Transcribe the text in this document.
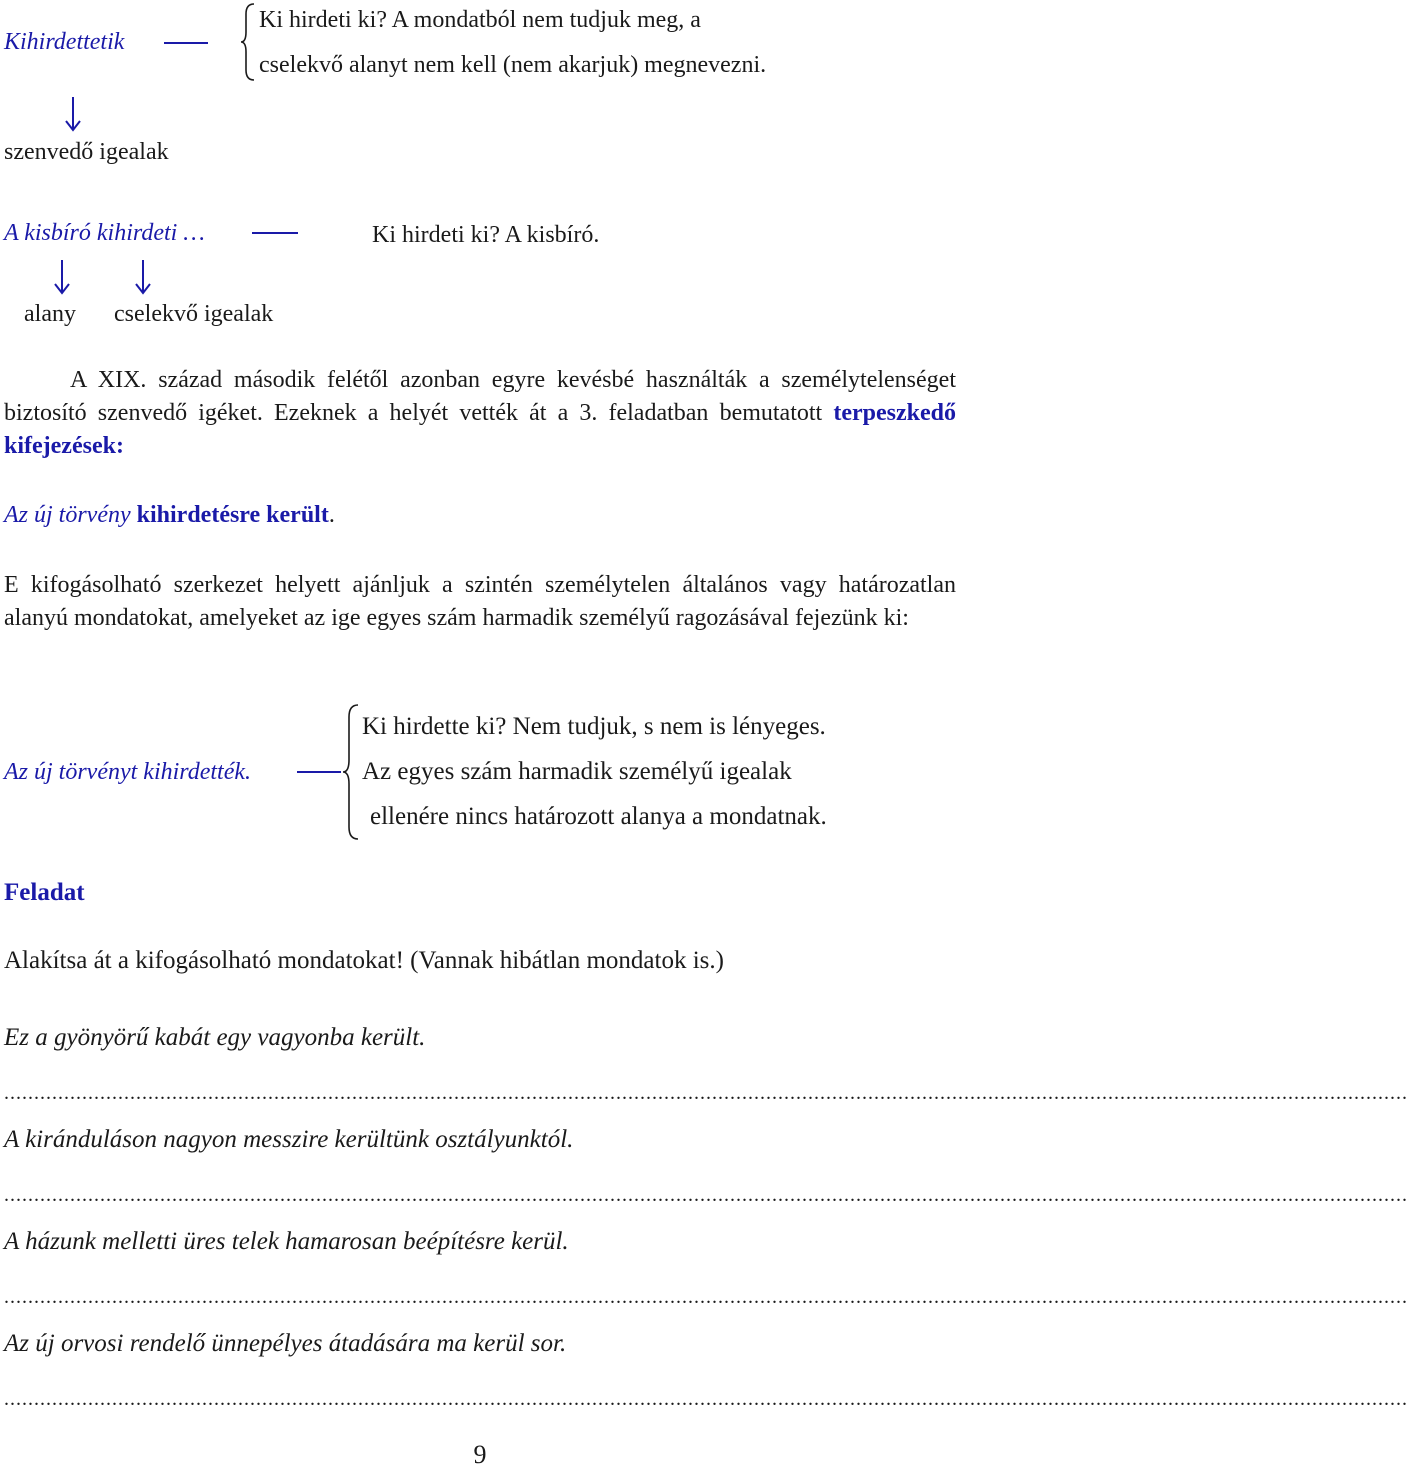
Kihirdettetik
Ki hirdeti ki? A mondatból nem tudjuk meg, a
cselekvő alanyt nem kell (nem akarjuk) megnevezni.
szenvedő igealak
A kisbíró kihirdeti …	Ki hirdeti ki? A kisbíró.
alany cselekvő igealak
A XIX. század második felétől azonban egyre kevésbé használták a személytelenséget biztosító szenvedő igéket. Ezeknek a helyét vették át a 3. feladatban bemutatott terpeszkedő kifejezések:
Az új törvény kihirdetésre került.
E kifogásolható szerkezet helyett ajánljuk a szintén személytelen általános vagy határozatlan alanyú mondatokat, amelyeket az ige egyes szám harmadik személyű ragozásával fejezünk ki:
Az új törvényt kihirdették.
Ki hirdette ki? Nem tudjuk, s nem is lényeges.
Az egyes szám harmadik személyű igealak
ellenére nincs határozott alanya a mondatnak.
Feladat
Alakítsa át a kifogásolható mondatokat! (Vannak hibátlan mondatok is.)
Ez a gyönyörű kabát egy vagyonba került.
..........................................................................................................................................................................................................................................
A kiránduláson nagyon messzire kerültünk osztályunktól.
..........................................................................................................................................................................................................................................
A házunk melletti üres telek hamarosan beépítésre kerül.
..........................................................................................................................................................................................................................................
Az új orvosi rendelő ünnepélyes átadására ma kerül sor.
..........................................................................................................................................................................................................................................
9
